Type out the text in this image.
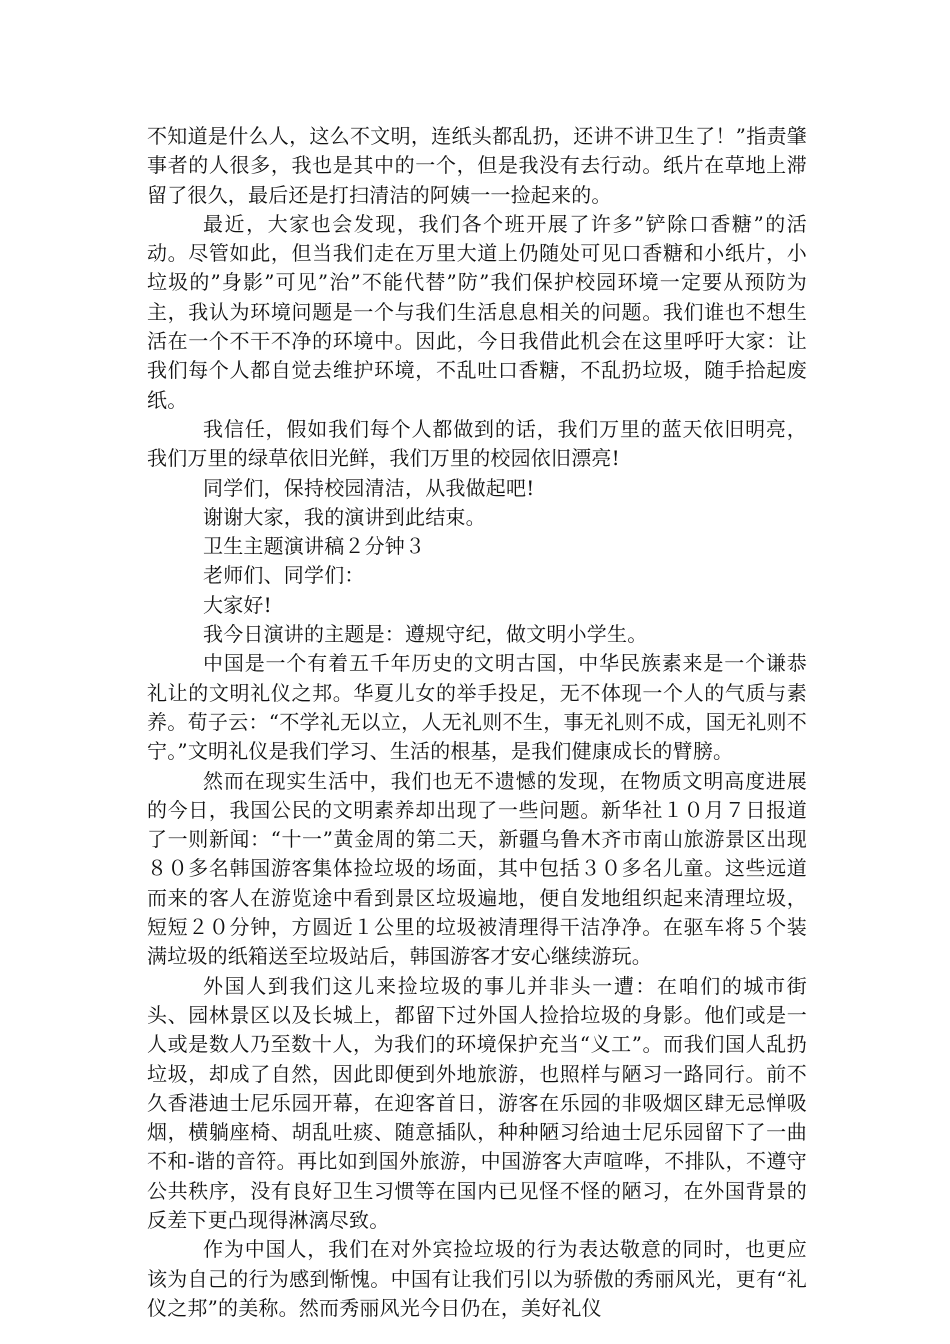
不知道是什么人，这么不文明，连纸头都乱扔，还讲不讲卫生了！”指责肇事者的人很多，我也是其中的一个，但是我没有去行动。纸片在草地上滞留了很久，最后还是打扫清洁的阿姨一一捡起来的。

最近，大家也会发现，我们各个班开展了许多”铲除口香糖”的活动。尽管如此，但当我们走在万里大道上仍随处可见口香糖和小纸片，小垃圾的”身影”可见”治”不能代替”防”我们保护校园环境一定要从预防为主，我认为环境问题是一个与我们生活息息相关的问题。我们谁也不想生活在一个不干不净的环境中。因此，今日我借此机会在这里呼吁大家：让我们每个人都自觉去维护环境，不乱吐口香糖，不乱扔垃圾，随手拾起废纸。

我信任，假如我们每个人都做到的话，我们万里的蓝天依旧明亮，我们万里的绿草依旧光鲜，我们万里的校园依旧漂亮!

同学们，保持校园清洁，从我做起吧!

谢谢大家，我的演讲到此结束。

卫生主题演讲稿２分钟３

老师们、同学们：

大家好!

我今日演讲的主题是：遵规守纪，做文明小学生。

中国是一个有着五千年历史的文明古国，中华民族素来是一个谦恭礼让的文明礼仪之邦。华夏儿女的举手投足，无不体现一个人的气质与素养。荀子云：“不学礼无以立，人无礼则不生，事无礼则不成，国无礼则不宁。”文明礼仪是我们学习、生活的根基，是我们健康成长的臂膀。

然而在现实生活中，我们也无不遗憾的发现，在物质文明高度进展的今日，我国公民的文明素养却出现了一些问题。新华社１０月７日报道了一则新闻：“十一”黄金周的第二天，新疆乌鲁木齐市南山旅游景区出现８０多名韩国游客集体捡垃圾的场面，其中包括３０多名儿童。这些远道而来的客人在游览途中看到景区垃圾遍地，便自发地组织起来清理垃圾，短短２０分钟，方圆近１公里的垃圾被清理得干洁净净。在驱车将５个装满垃圾的纸箱送至垃圾站后，韩国游客才安心继续游玩。

外国人到我们这儿来捡垃圾的事儿并非头一遭：在咱们的城市街头、园林景区以及长城上，都留下过外国人捡拾垃圾的身影。他们或是一人或是数人乃至数十人，为我们的环境保护充当“义工”。而我们国人乱扔垃圾，却成了自然，因此即便到外地旅游，也照样与陋习一路同行。前不久香港迪士尼乐园开幕，在迎客首日，游客在乐园的非吸烟区肆无忌惮吸烟，横躺座椅、胡乱吐痰、随意插队，种种陋习给迪士尼乐园留下了一曲不和-谐的音符。再比如到国外旅游，中国游客大声喧哗，不排队，不遵守公共秩序，没有良好卫生习惯等在国内已见怪不怪的陋习，在外国背景的反差下更凸现得淋漓尽致。

作为中国人，我们在对外宾捡垃圾的行为表达敬意的同时，也更应该为自己的行为感到惭愧。中国有让我们引以为骄傲的秀丽风光，更有“礼仪之邦”的美称。然而秀丽风光今日仍在，美好礼仪
